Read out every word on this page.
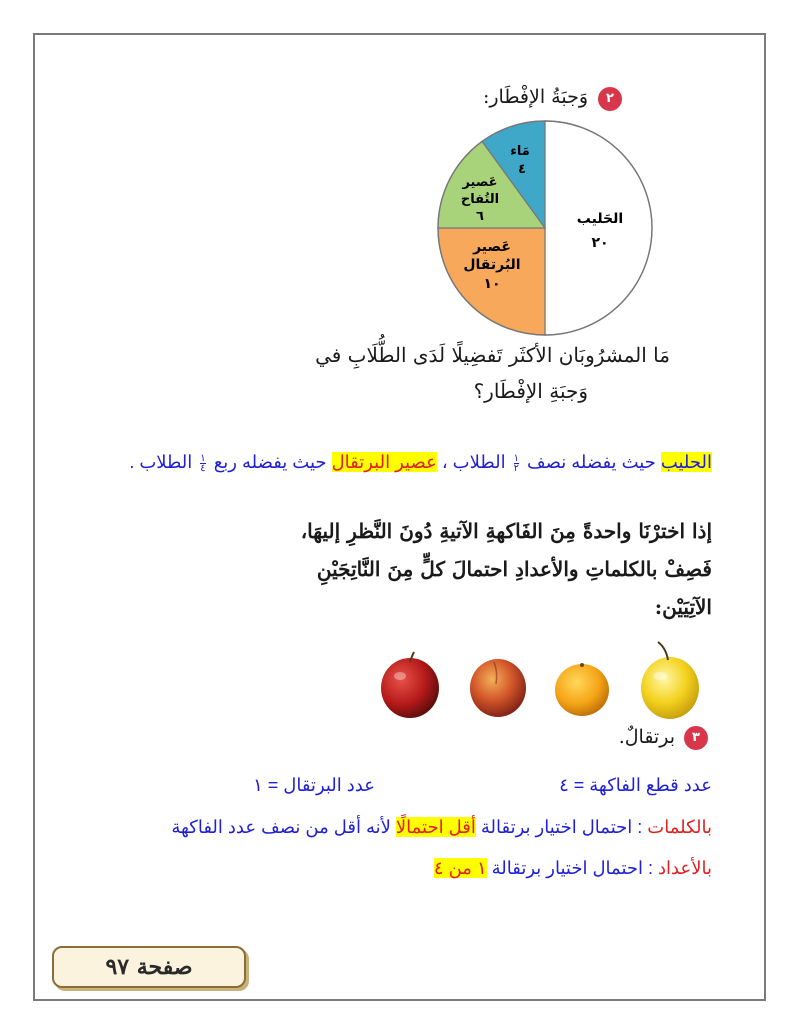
٢
وَجبَةُ الإفْطَار:
الحَليب
٢٠
عَصير
البُرتقال
١٠
عَصير
التُفاح
٦
مَاء
٤
مَا المشرُوبَان الأكثَر تَفضِيلًا لَدَى الطُّلَابِ في
وَجبَةِ الإفْطَار؟
الحليب حيث يفضله نصف $\frac{١}{٢}$
الطلاب ، عصير البرتقال حيث يفضله ربع $\frac{١}{٤}$
الطلاب .
إذا اخترْنَا واحدةً مِنَ الفَاكهةِ الآتيةِ دُونَ النَّظرِ إليهَا،
فَصِفْ بالكلماتِ والأعدادِ احتمالَ كلٍّ مِنَ النَّاتِجَيْنِ
الآتِيَيْن:
٣
برتقالٌ.
عدد قطع الفاكهة = ٤
عدد البرتقال = ١
بالكلمات : احتمال اختيار برتقالة أقل احتمالًا لأنه أقل من نصف عدد الفاكهة
بالأعداد : احتمال اختيار برتقالة ١ من ٤
صفحة ٩٧
